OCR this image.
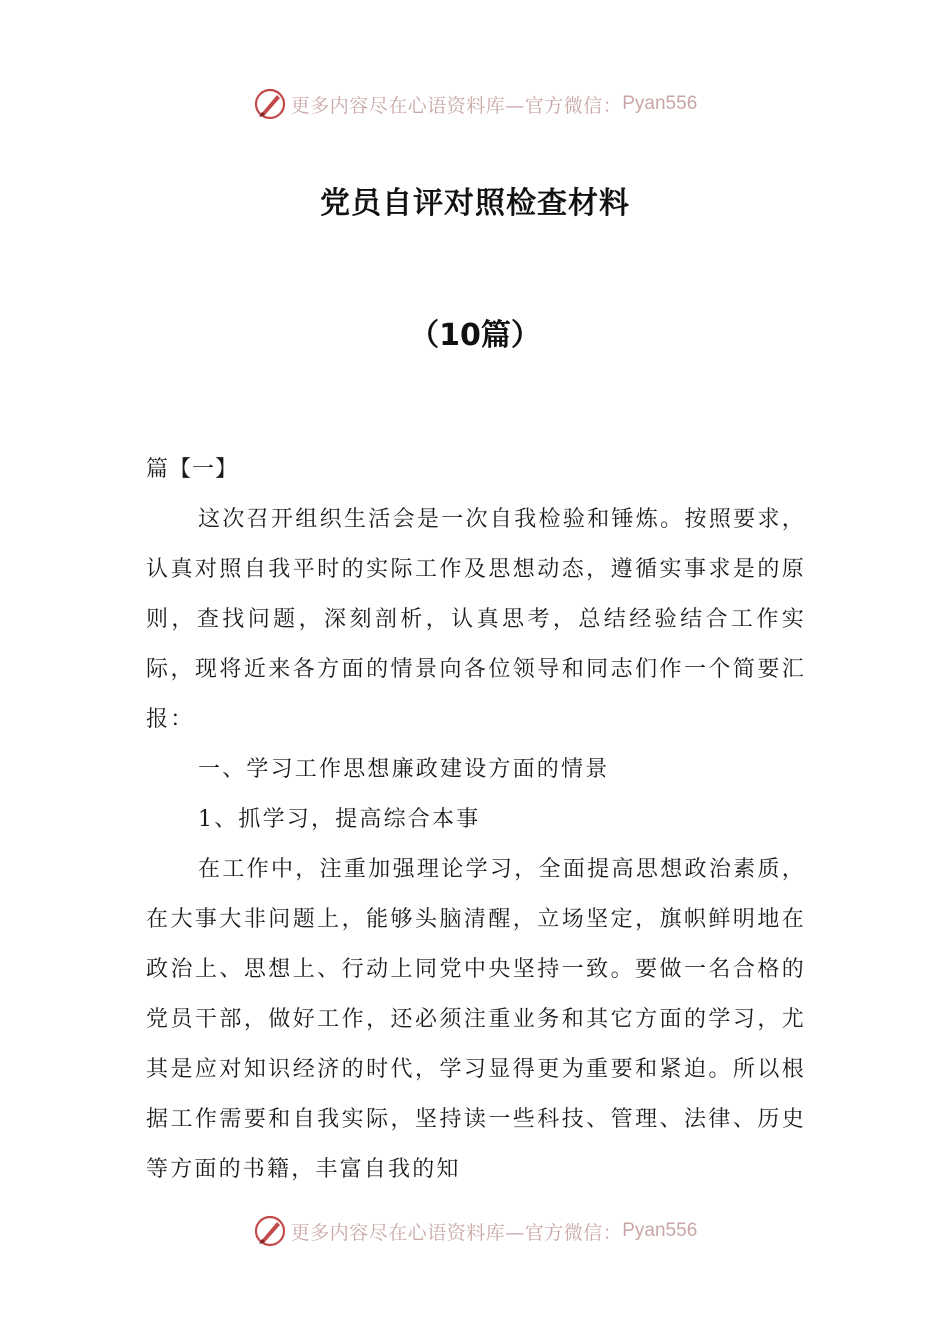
更多内容尽在心语资料库—官方微信： Pyan556
党员自评对照检查材料
（10篇）

篇【一】

这次召开组织生活会是一次自我检验和锤炼。按照要求，认真对照自我平时的实际工作及思想动态，遵循实事求是的原则，查找问题，深刻剖析，认真思考，总结经验结合工作实际，现将近来各方面的情景向各位领导和同志们作一个简要汇报：

一、学习工作思想廉政建设方面的情景

1、抓学习，提高综合本事

在工作中，注重加强理论学习，全面提高思想政治素质，在大事大非问题上，能够头脑清醒，立场坚定，旗帜鲜明地在政治上、思想上、行动上同党中央坚持一致。要做一名合格的党员干部，做好工作，还必须注重业务和其它方面的学习，尤其是应对知识经济的时代，学习显得更为重要和紧迫。所以根据工作需要和自我实际，坚持读一些科技、管理、法律、历史等方面的书籍，丰富自我的知

更多内容尽在心语资料库—官方微信： Pyan556
